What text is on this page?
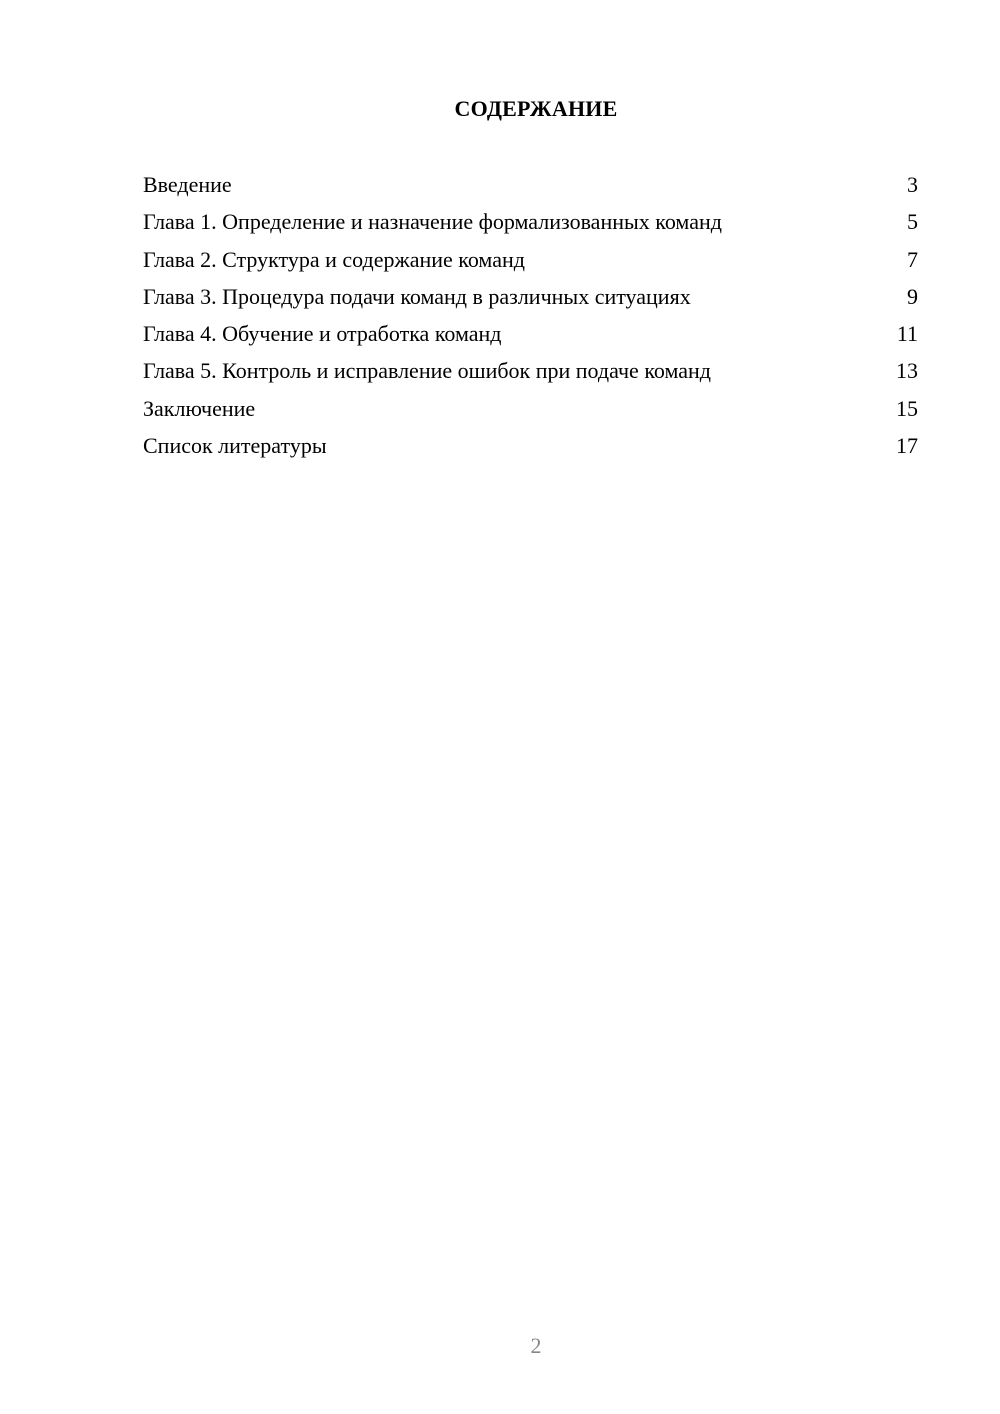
СОДЕРЖАНИЕ
Введение	3
Глава 1. Определение и назначение формализованных команд	5
Глава 2. Структура и содержание команд	7
Глава 3. Процедура подачи команд в различных ситуациях	9
Глава 4. Обучение и отработка команд	11
Глава 5. Контроль и исправление ошибок при подаче команд	13
Заключение	15
Список литературы	17
2
